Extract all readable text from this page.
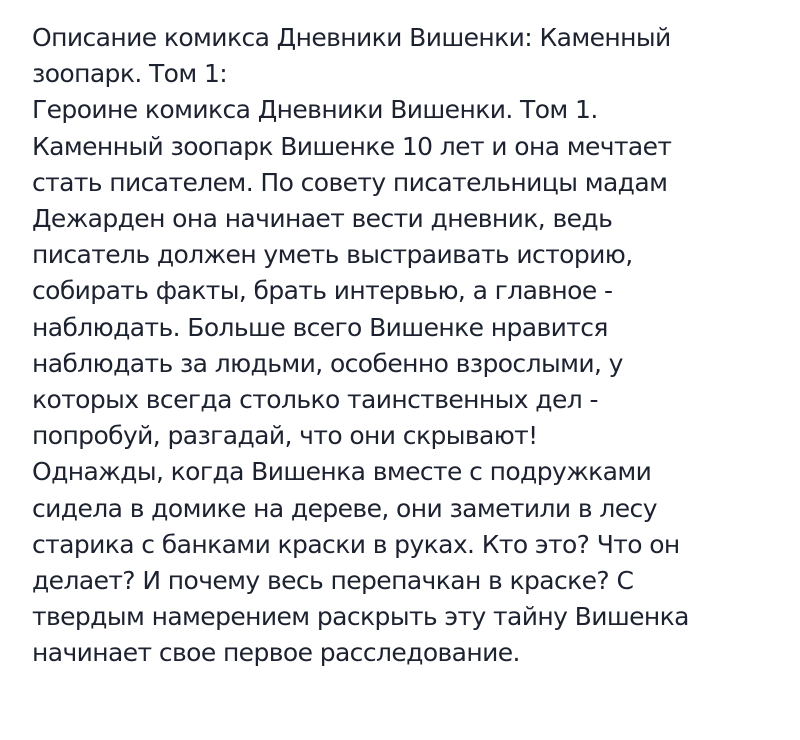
Описание комикса Дневники Вишенки: Каменный
зоопарк. Том 1:
Героине комикса Дневники Вишенки. Том 1.
Каменный зоопарк Вишенке 10 лет и она мечтает
стать писателем. По совету писательницы мадам
Дежарден она начинает вести дневник, ведь
писатель должен уметь выстраивать историю,
собирать факты, брать интервью, а главное -
наблюдать. Больше всего Вишенке нравится
наблюдать за людьми, особенно взрослыми, у
которых всегда столько таинственных дел -
попробуй, разгадай, что они скрывают!
Однажды, когда Вишенка вместе с подружками
сидела в домике на дереве, они заметили в лесу
старика с банками краски в руках. Кто это? Что он
делает? И почему весь перепачкан в краске? С
твердым намерением раскрыть эту тайну Вишенка
начинает свое первое расследование.
